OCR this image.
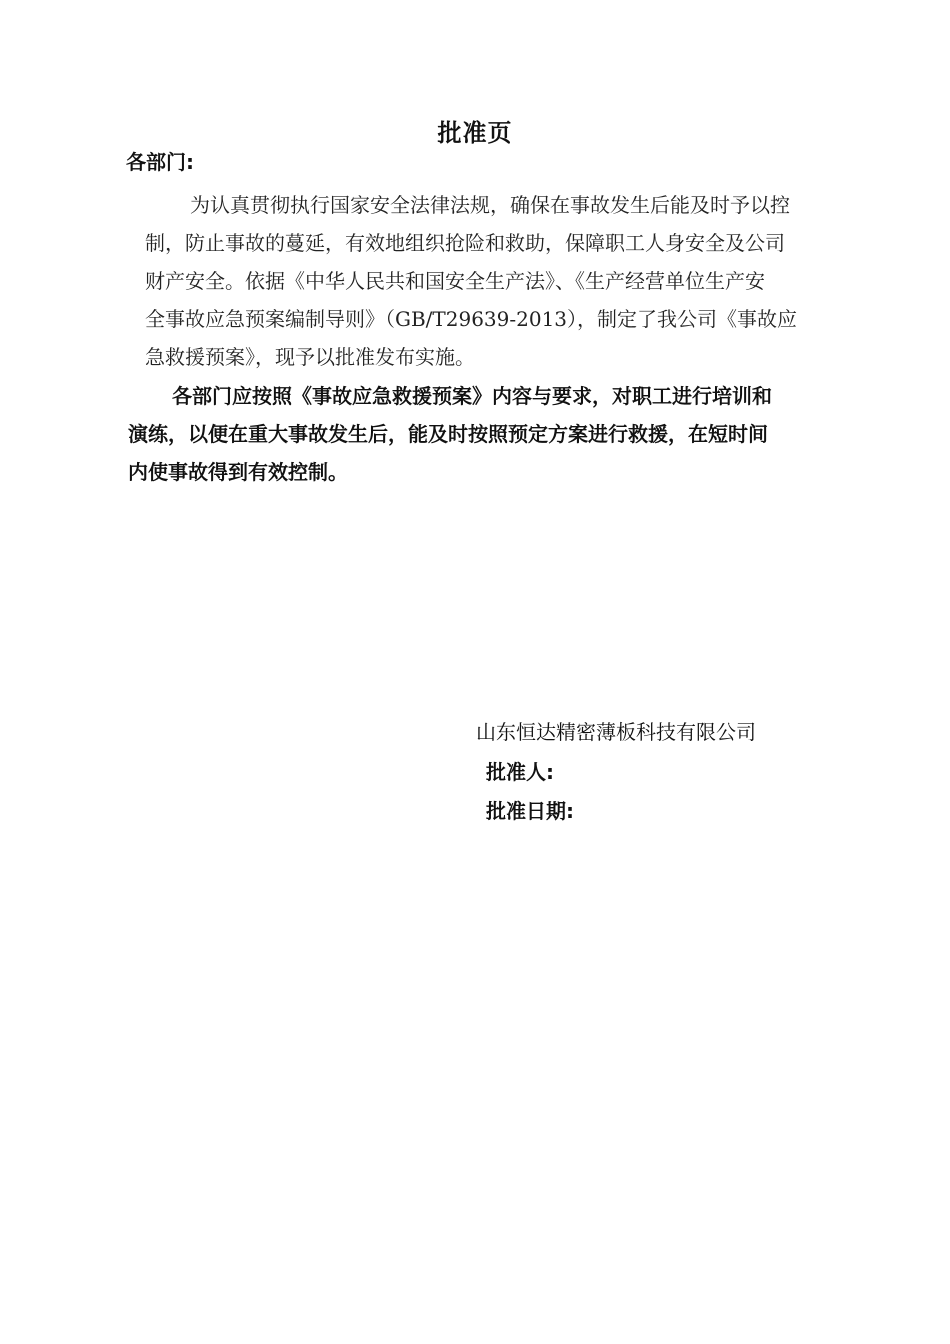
批准页
各部门:
为认真贯彻执行国家安全法律法规，确保在事故发生后能及时予以控
制，防止事故的蔓延，有效地组织抢险和救助，保障职工人身安全及公司
财产安全。依据《中华人民共和国安全生产法》、《生产经营单位生产安
全事故应急预案编制导则》（GB/T29639-2013），制定了我公司《事故应
急救援预案》，现予以批准发布实施。
各部门应按照《事故应急救援预案》内容与要求，对职工进行培训和
演练，以便在重大事故发生后，能及时按照预定方案进行救援，在短时间
内使事故得到有效控制。
山东恒达精密薄板科技有限公司
批准人:
批准日期:
